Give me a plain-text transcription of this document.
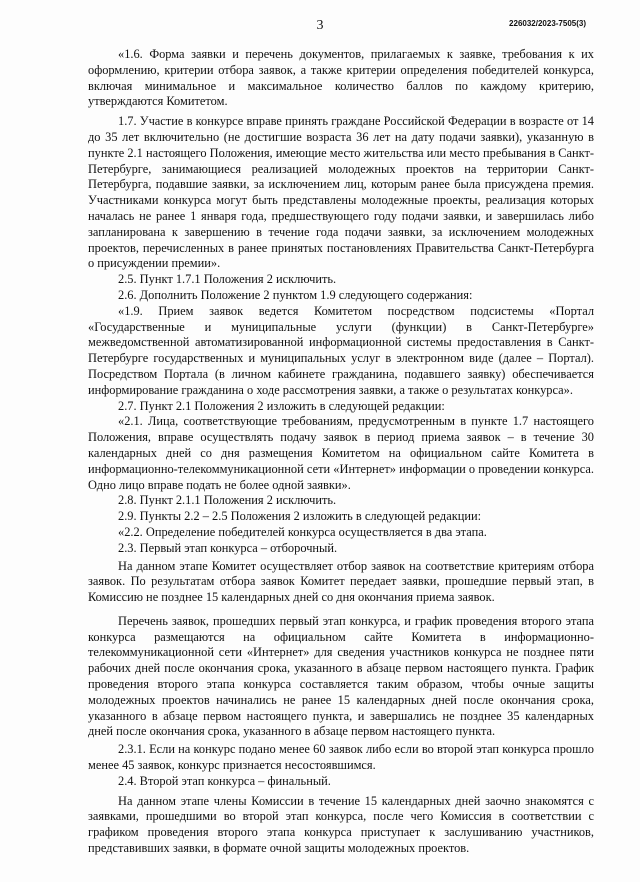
3	226032/2023-7505(3)

«1.6. Форма заявки и перечень документов, прилагаемых к заявке, требования к их оформлению, критерии отбора заявок, а также критерии определения победителей конкурса, включая минимальное и максимальное количество баллов по каждому критерию, утверждаются Комитетом.

1.7. Участие в конкурсе вправе принять граждане Российской Федерации в возрасте от 14 до 35 лет включительно (не достигшие возраста 36 лет на дату подачи заявки), указанную в пункте 2.1 настоящего Положения, имеющие место жительства или место пребывания в Санкт-Петербурге, занимающиеся реализацией молодежных проектов на территории Санкт-Петербурга, подавшие заявки, за исключением лиц, которым ранее была присуждена премия. Участниками конкурса могут быть представлены молодежные проекты, реализация которых началась не ранее 1 января года, предшествующего году подачи заявки, и завершилась либо запланирована к завершению в течение года подачи заявки, за исключением молодежных проектов, перечисленных в ранее принятых постановлениях Правительства Санкт-Петербурга о присуждении премии».

2.5. Пункт 1.7.1 Положения 2 исключить.

2.6. Дополнить Положение 2 пунктом 1.9 следующего содержания:

«1.9. Прием заявок ведется Комитетом посредством подсистемы «Портал «Государственные и муниципальные услуги (функции) в Санкт-Петербурге» межведомственной автоматизированной информационной системы предоставления в Санкт-Петербурге государственных и муниципальных услуг в электронном виде (далее – Портал). Посредством Портала (в личном кабинете гражданина, подавшего заявку) обеспечивается информирование гражданина о ходе рассмотрения заявки, а также о результатах конкурса».

2.7. Пункт 2.1 Положения 2 изложить в следующей редакции:

«2.1. Лица, соответствующие требованиям, предусмотренным в пункте 1.7 настоящего Положения, вправе осуществлять подачу заявок в период приема заявок – в течение 30 календарных дней со дня размещения Комитетом на официальном сайте Комитета в информационно-телекоммуникационной сети «Интернет» информации о проведении конкурса. Одно лицо вправе подать не более одной заявки».

2.8. Пункт 2.1.1 Положения 2 исключить.

2.9. Пункты 2.2 – 2.5 Положения 2 изложить в следующей редакции:

«2.2. Определение победителей конкурса осуществляется в два этапа.

2.3. Первый этап конкурса – отборочный.

На данном этапе Комитет осуществляет отбор заявок на соответствие критериям отбора заявок. По результатам отбора заявок Комитет передает заявки, прошедшие первый этап, в Комиссию не позднее 15 календарных дней со дня окончания приема заявок.

Перечень заявок, прошедших первый этап конкурса, и график проведения второго этапа конкурса размещаются на официальном сайте Комитета в информационно-телекоммуникационной сети «Интернет» для сведения участников конкурса не позднее пяти рабочих дней после окончания срока, указанного в абзаце первом настоящего пункта. График проведения второго этапа конкурса составляется таким образом, чтобы очные защиты молодежных проектов начинались не ранее 15 календарных дней после окончания срока, указанного в абзаце первом настоящего пункта, и завершались не позднее 35 календарных дней после окончания срока, указанного в абзаце первом настоящего пункта.

2.3.1. Если на конкурс подано менее 60 заявок либо если во второй этап конкурса прошло менее 45 заявок, конкурс признается несостоявшимся.

2.4. Второй этап конкурса – финальный.

На данном этапе члены Комиссии в течение 15 календарных дней заочно знакомятся с заявками, прошедшими во второй этап конкурса, после чего Комиссия в соответствии с графиком проведения второго этапа конкурса приступает к заслушиванию участников, представивших заявки, в формате очной защиты молодежных проектов.
